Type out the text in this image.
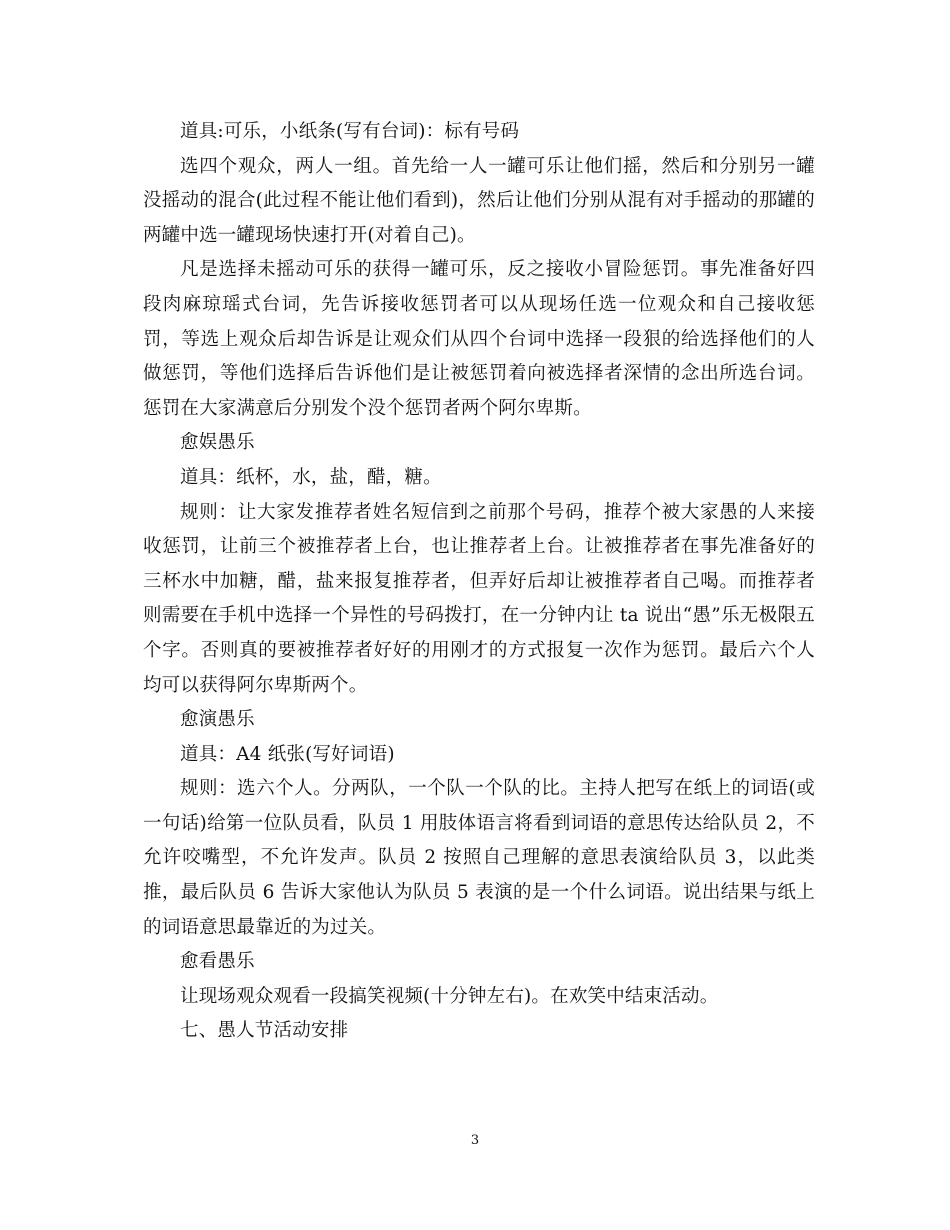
道具:可乐，小纸条(写有台词)：标有号码

选四个观众，两人一组。首先给一人一罐可乐让他们摇，然后和分别另一罐没摇动的混合(此过程不能让他们看到)，然后让他们分别从混有对手摇动的那罐的两罐中选一罐现场快速打开(对着自己)。

凡是选择未摇动可乐的获得一罐可乐，反之接收小冒险惩罚。事先准备好四段肉麻琼瑶式台词，先告诉接收惩罚者可以从现场任选一位观众和自己接收惩罚，等选上观众后却告诉是让观众们从四个台词中选择一段狠的给选择他们的人做惩罚，等他们选择后告诉他们是让被惩罚着向被选择者深情的念出所选台词。惩罚在大家满意后分别发个没个惩罚者两个阿尔卑斯。

愈娱愚乐

道具：纸杯，水，盐，醋，糖。

规则：让大家发推荐者姓名短信到之前那个号码，推荐个被大家愚的人来接收惩罚，让前三个被推荐者上台，也让推荐者上台。让被推荐者在事先准备好的三杯水中加糖，醋，盐来报复推荐者，但弄好后却让被推荐者自己喝。而推荐者则需要在手机中选择一个异性的号码拨打，在一分钟内让 ta 说出“愚”乐无极限五个字。否则真的要被推荐者好好的用刚才的方式报复一次作为惩罚。最后六个人均可以获得阿尔卑斯两个。

愈演愚乐

道具：A4 纸张(写好词语)

规则：选六个人。分两队，一个队一个队的比。主持人把写在纸上的词语(或一句话)给第一位队员看，队员 1 用肢体语言将看到词语的意思传达给队员 2，不允许咬嘴型，不允许发声。队员 2 按照自己理解的意思表演给队员 3，以此类推，最后队员 6 告诉大家他认为队员 5 表演的是一个什么词语。说出结果与纸上的词语意思最靠近的为过关。

愈看愚乐

让现场观众观看一段搞笑视频(十分钟左右)。在欢笑中结束活动。

七、愚人节活动安排

3
